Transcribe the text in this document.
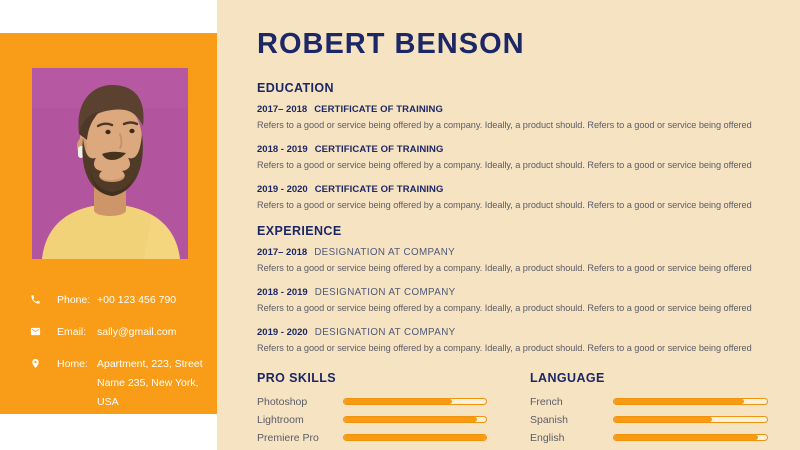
ROBERT BENSON
EDUCATION
2017– 2018 CERTIFICATE OF TRAINING
Refers to a good or service being offered by a company. Ideally, a product should. Refers to a good or service being offered
2018 - 2019 CERTIFICATE OF TRAINING
Refers to a good or service being offered by a company. Ideally, a product should. Refers to a good or service being offered
2019 - 2020 CERTIFICATE OF TRAINING
Refers to a good or service being offered by a company. Ideally, a product should. Refers to a good or service being offered
EXPERIENCE
2017– 2018 DESIGNATION AT COMPANY
Refers to a good or service being offered by a company. Ideally, a product should. Refers to a good or service being offered
2018 - 2019 DESIGNATION AT COMPANY
Refers to a good or service being offered by a company. Ideally, a product should. Refers to a good or service being offered
2019 - 2020 DESIGNATION AT COMPANY
Refers to a good or service being offered by a company. Ideally, a product should. Refers to a good or service being offered
PRO SKILLS
Photoshop
Lightroom
Premiere Pro
LANGUAGE
French
Spanish
English
Phone: +00 123 456 790
Email:	sally@gmail.com
Home: Apartment, 223, Street Name 235, New York, USA
